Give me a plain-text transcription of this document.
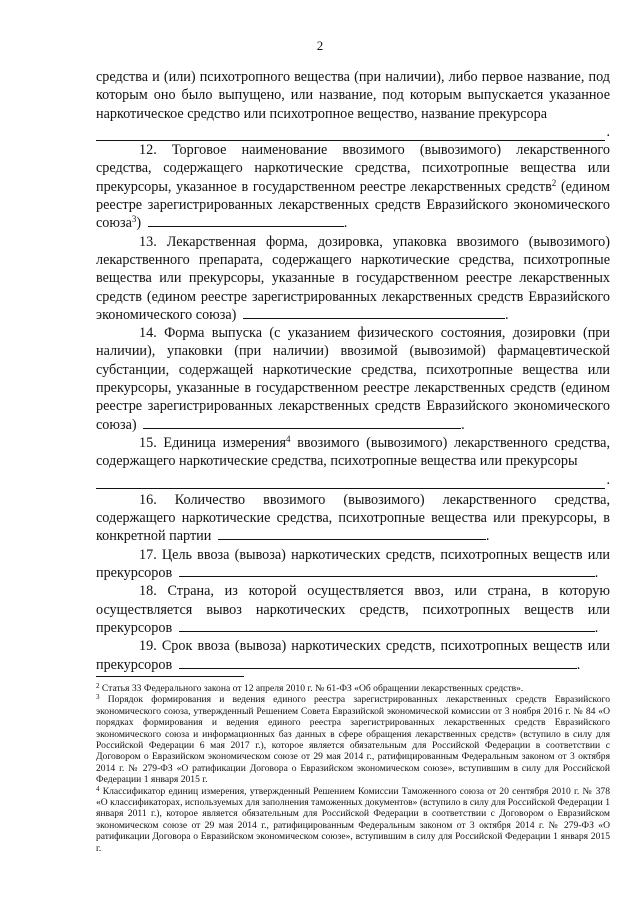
2

средства и (или) психотропного вещества (при наличии), либо первое название, под которым оно было выпущено, или название, под которым выпускается указанное наркотическое средство или психотропное вещество, название прекурсора

.

12. Торговое наименование ввозимого (вывозимого) лекарственного средства, содержащего наркотические средства, психотропные вещества или прекурсоры, указанное в государственном реестре лекарственных средств$^2$ (едином реестре зарегистрированных лекарственных средств Евразийского экономического союза$^3$)	.

13. Лекарственная форма, дозировка, упаковка ввозимого (вывозимого) лекарственного препарата, содержащего наркотические средства, психотропные вещества или прекурсоры, указанные в государственном реестре лекарственных средств (едином реестре зарегистрированных лекарственных средств Евразийского экономического союза)	.

14. Форма выпуска (с указанием физического состояния, дозировки (при наличии), упаковки (при наличии) ввозимой (вывозимой) фармацевтической субстанции, содержащей наркотические средства, психотропные вещества или прекурсоры, указанные в государственном реестре лекарственных средств (едином реестре зарегистрированных лекарственных средств Евразийского экономического союза)	.

15. Единица измерения$^4$ ввозимого (вывозимого) лекарственного средства, содержащего наркотические средства, психотропные вещества или прекурсоры

.

16. Количество ввозимого (вывозимого) лекарственного средства, содержащего наркотические средства, психотропные вещества или прекурсоры, в конкретной партии	.

17. Цель ввоза (вывоза) наркотических средств, психотропных веществ или прекурсоров	.

18. Страна, из которой осуществляется ввоз, или страна, в которую осуществляется вывоз наркотических средств, психотропных веществ или прекурсоров	.

19. Срок ввоза (вывоза) наркотических средств, психотропных веществ или прекурсоров	.

$^2$ Статья 33 Федерального закона от 12 апреля 2010 г. № 61-ФЗ «Об обращении лекарственных средств».

$^3$ Порядок формирования и ведения единого реестра зарегистрированных лекарственных средств Евразийского экономического союза, утвержденный Решением Совета Евразийской экономической комиссии от 3 ноября 2016 г. № 84 «О порядках формирования и ведения единого реестра зарегистрированных лекарственных средств Евразийского экономического союза и информационных баз данных в сфере обращения лекарственных средств» (вступило в силу для Российской Федерации 6 мая 2017 г.), которое является обязательным для Российской Федерации в соответствии с Договором о Евразийском экономическом союзе от 29 мая 2014 г., ратифицированным Федеральным законом от 3 октября 2014 г. № 279-ФЗ «О ратификации Договора о Евразийском экономическом союзе», вступившим в силу для Российской Федерации 1 января 2015 г.

$^4$ Классификатор единиц измерения, утвержденный Решением Комиссии Таможенного союза от 20 сентября 2010 г. № 378 «О классификаторах, используемых для заполнения таможенных документов» (вступило в силу для Российской Федерации 1 января 2011 г.), которое является обязательным для Российской Федерации в соответствии с Договором о Евразийском экономическом союзе от 29 мая 2014 г., ратифицированным Федеральным законом от 3 октября 2014 г. № 279-ФЗ «О ратификации Договора о Евразийском экономическом союзе», вступившим в силу для Российской Федерации 1 января 2015 г.
